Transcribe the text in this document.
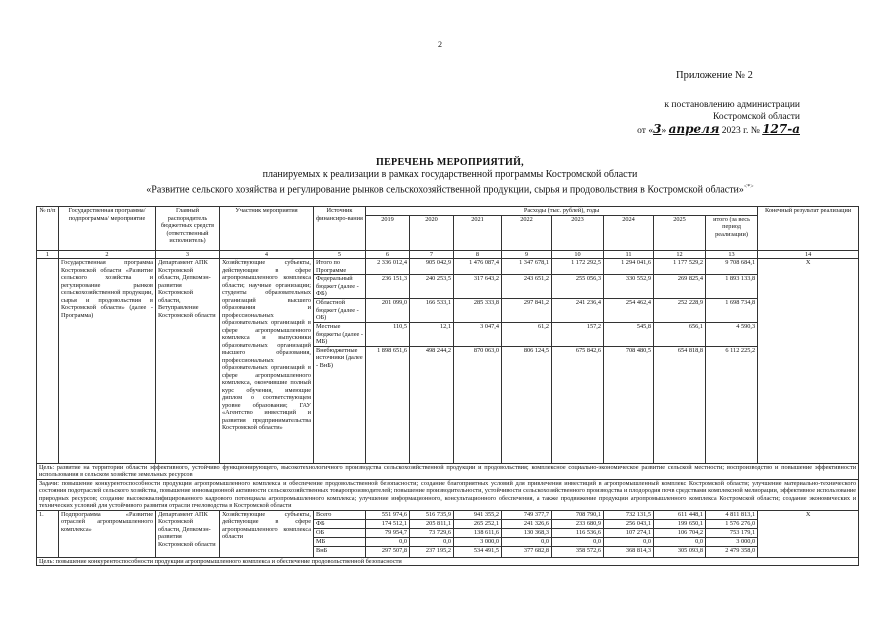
2
Приложение № 2
к постановлению администрации
Костромской области
от «3» апреля 2023 г. № 127-а
ПЕРЕЧЕНЬ МЕРОПРИЯТИЙ,
планируемых к реализации в рамках государственной программы Костромской области
«Развитие сельского хозяйства и регулирование рынков сельскохозяйственной продукции, сырья и продовольствия в Костромской области»<*>
№ п/п	Государственная программа/подпрограмма/ мероприятие	Главный распорядитель бюджетных средств (ответственный исполнитель)	Участник мероприятия	Источник финансиро-вания	Расходы (тыс. рублей), годы								Конечный результат реализации
					2019	2020	2021	2022	2023	2024	2025	итого (за весь период реализации)	
1	2	3	4	5	6	7	8	9	10	11	12	13	14
	Государственная программа Костромской области «Развитие сельского хозяйства и регулирование рынков сельскохозяйственной продукции, сырья и продовольствия в Костромской области» (далее - Программа)	Департамент АПК Костромской области, Депкомэн-развития Костромской области, Ветуправление Костромской области	Хозяйствующие субъекты, действующие в сфере агропромышленного комплекса области; научные организации; студенты образовательных организаций высшего образования и профессиональных образовательных организаций в сфере агропромышленного комплекса и выпускники образовательных организаций высшего образования, профессиональных образовательных организаций в сфере агропромышленного комплекса, окончившие полный курс обучения, имеющие диплом о соответствующем уровне образования; ГАУ «Агентство инвестиций и развития предпринимательства Костромской области»	Итого по Программе	2 336 012,4	905 042,9	1 476 087,4	1 347 678,1	1 172 292,5	1 294 041,6	1 177 529,2	9 708 684,1	Х
				Федеральный бюджет (далее - ФБ)	236 151,3	240 253,5	317 643,2	243 651,2	255 056,3	330 552,9	269 825,4	1 893 133,8	
				Областной бюджет (далее - ОБ)	201 099,0	166 533,1	285 333,8	297 841,2	241 236,4	254 462,4	252 228,9	1 698 734,8	
				Местные бюджеты (далее - МБ)	110,5	12,1	3 047,4	61,2	157,2	545,8	656,1	4 590,3	
				Внебюджетные источники (далее - ВнБ)	1 898 651,6	498 244,2	870 063,0	806 124,5	675 842,6	708 480,5	654 818,8	6 112 225,2	
Цель: развитие на территории области эффективного, устойчиво функционирующего, высокотехнологичного производства сельскохозяйственной продукции и продовольствия; комплексное социально-экономическое развитие сельской местности; воспроизводство и повышение эффективности использования в сельском хозяйстве земельных ресурсов													
Задачи: повышение конкурентоспособности продукции агропромышленного комплекса и обеспечение продовольственной безопасности; создание благоприятных условий для привлечения инвестиций в агропромышленный комплекс Костромской области; улучшение материально-технического состояния подотраслей сельского хозяйства, повышение инновационной активности сельскохозяйственных товаропроизводителей; повышение производительности, устойчивости сельскохозяйственного производства и плодородия почв средствами комплексной мелиорации, эффективное использование природных ресурсов; создание высококвалифицированного кадрового потенциала агропромышленного комплекса; улучшение информационного, консультационного обеспечения, а также продвижение продукции агропромышленного комплекса Костромской области; создание экономических и технических условий для устойчивого развития отрасли пчеловодства в Костромской области													
1.	Подпрограмма «Развитие отраслей агропромышленного комплекса»	Департамент АПК Костромской области, Депкомэн-развития Костромской области	Хозяйствующие субъекты, действующие в сфере агропромышленного комплекса области	Всего	551 974,6	516 735,9	941 355,2	749 377,7	708 790,1	732 131,5	611 448,1	4 811 813,1	Х
				ФБ	174 512,1	205 811,1	265 252,1	241 326,6	233 680,9	256 043,1	199 650,1	1 576 276,0	
				ОБ	79 954,7	73 729,6	138 611,6	130 368,3	116 536,6	107 274,1	106 704,2	753 179,1	
				МБ	0,0	0,0	3 000,0	0,0	0,0	0,0	0,0	3 000,0	
				ВнБ	297 507,8	237 195,2	534 491,5	377 682,8	358 572,6	368 814,3	305 093,8	2 479 358,0	
Цель: повышение конкурентоспособности продукции агропромышленного комплекса и обеспечение продовольственной безопасности													
